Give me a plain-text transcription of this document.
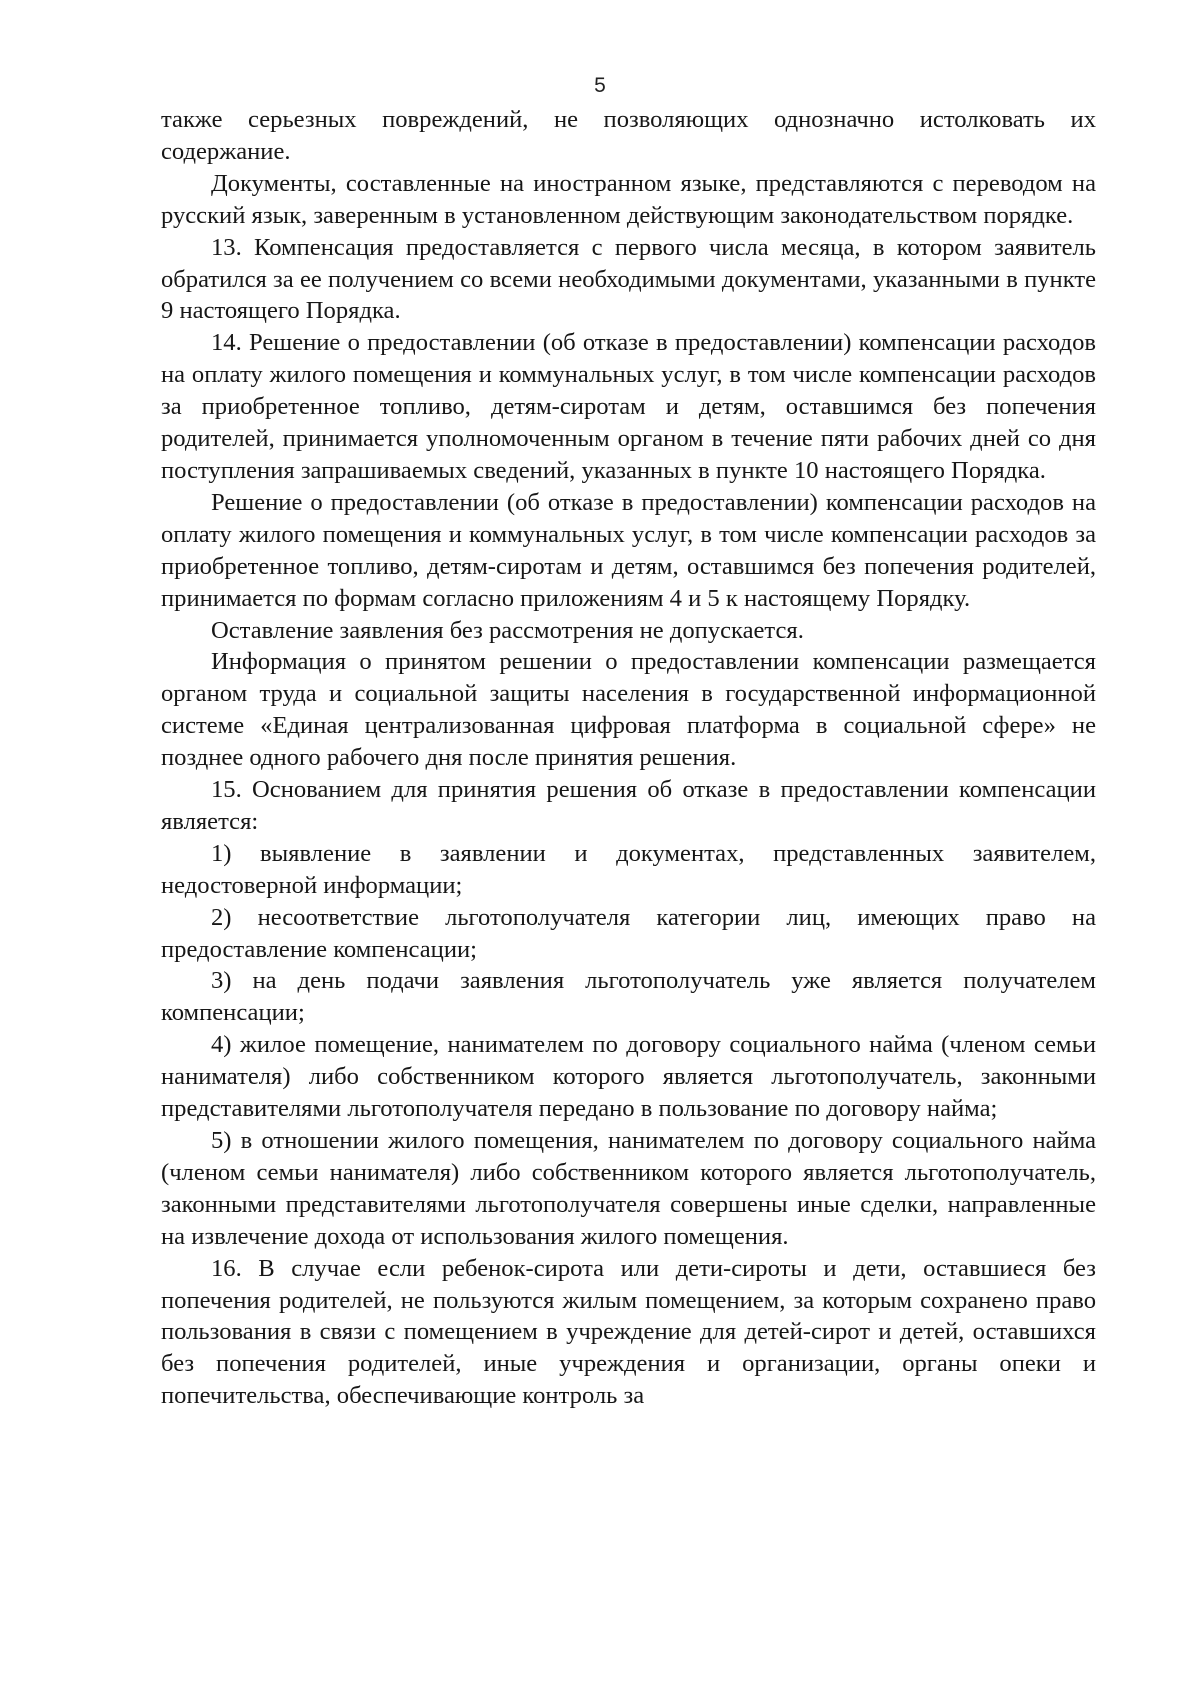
5

также серьезных повреждений, не позволяющих однозначно истолковать их содержание.

Документы, составленные на иностранном языке, представляются с переводом на русский язык, заверенным в установленном действующим законодательством порядке.

13. Компенсация предоставляется с первого числа месяца, в котором заявитель обратился за ее получением со всеми необходимыми документами, указанными в пункте 9 настоящего Порядка.

14. Решение о предоставлении (об отказе в предоставлении) компенсации расходов на оплату жилого помещения и коммунальных услуг, в том числе компенсации расходов за приобретенное топливо, детям-сиротам и детям, оставшимся без попечения родителей, принимается уполномоченным органом в течение пяти рабочих дней со дня поступления запрашиваемых сведений, указанных в пункте 10 настоящего Порядка.

Решение о предоставлении (об отказе в предоставлении) компенсации расходов на оплату жилого помещения и коммунальных услуг, в том числе компенсации расходов за приобретенное топливо, детям-сиротам и детям, оставшимся без попечения родителей, принимается по формам согласно приложениям 4 и 5 к настоящему Порядку.

Оставление заявления без рассмотрения не допускается.

Информация о принятом решении о предоставлении компенсации размещается органом труда и социальной защиты населения в государственной информационной системе «Единая централизованная цифровая платформа в социальной сфере» не позднее одного рабочего дня после принятия решения.

15. Основанием для принятия решения об отказе в предоставлении компенсации является:

1) выявление в заявлении и документах, представленных заявителем, недостоверной информации;

2) несоответствие льготополучателя категории лиц, имеющих право на предоставление компенсации;

3) на день подачи заявления льготополучатель уже является получателем компенсации;

4) жилое помещение, нанимателем по договору социального найма (членом семьи нанимателя) либо собственником которого является льготополучатель, законными представителями льготополучателя передано в пользование по договору найма;

5) в отношении жилого помещения, нанимателем по договору социального найма (членом семьи нанимателя) либо собственником которого является льготополучатель, законными представителями льготополучателя совершены иные сделки, направленные на извлечение дохода от использования жилого помещения.

16. В случае если ребенок-сирота или дети-сироты и дети, оставшиеся без попечения родителей, не пользуются жилым помещением, за которым сохранено право пользования в связи с помещением в учреждение для детей-сирот и детей, оставшихся без попечения родителей, иные учреждения и организации, органы опеки и попечительства, обеспечивающие контроль за
